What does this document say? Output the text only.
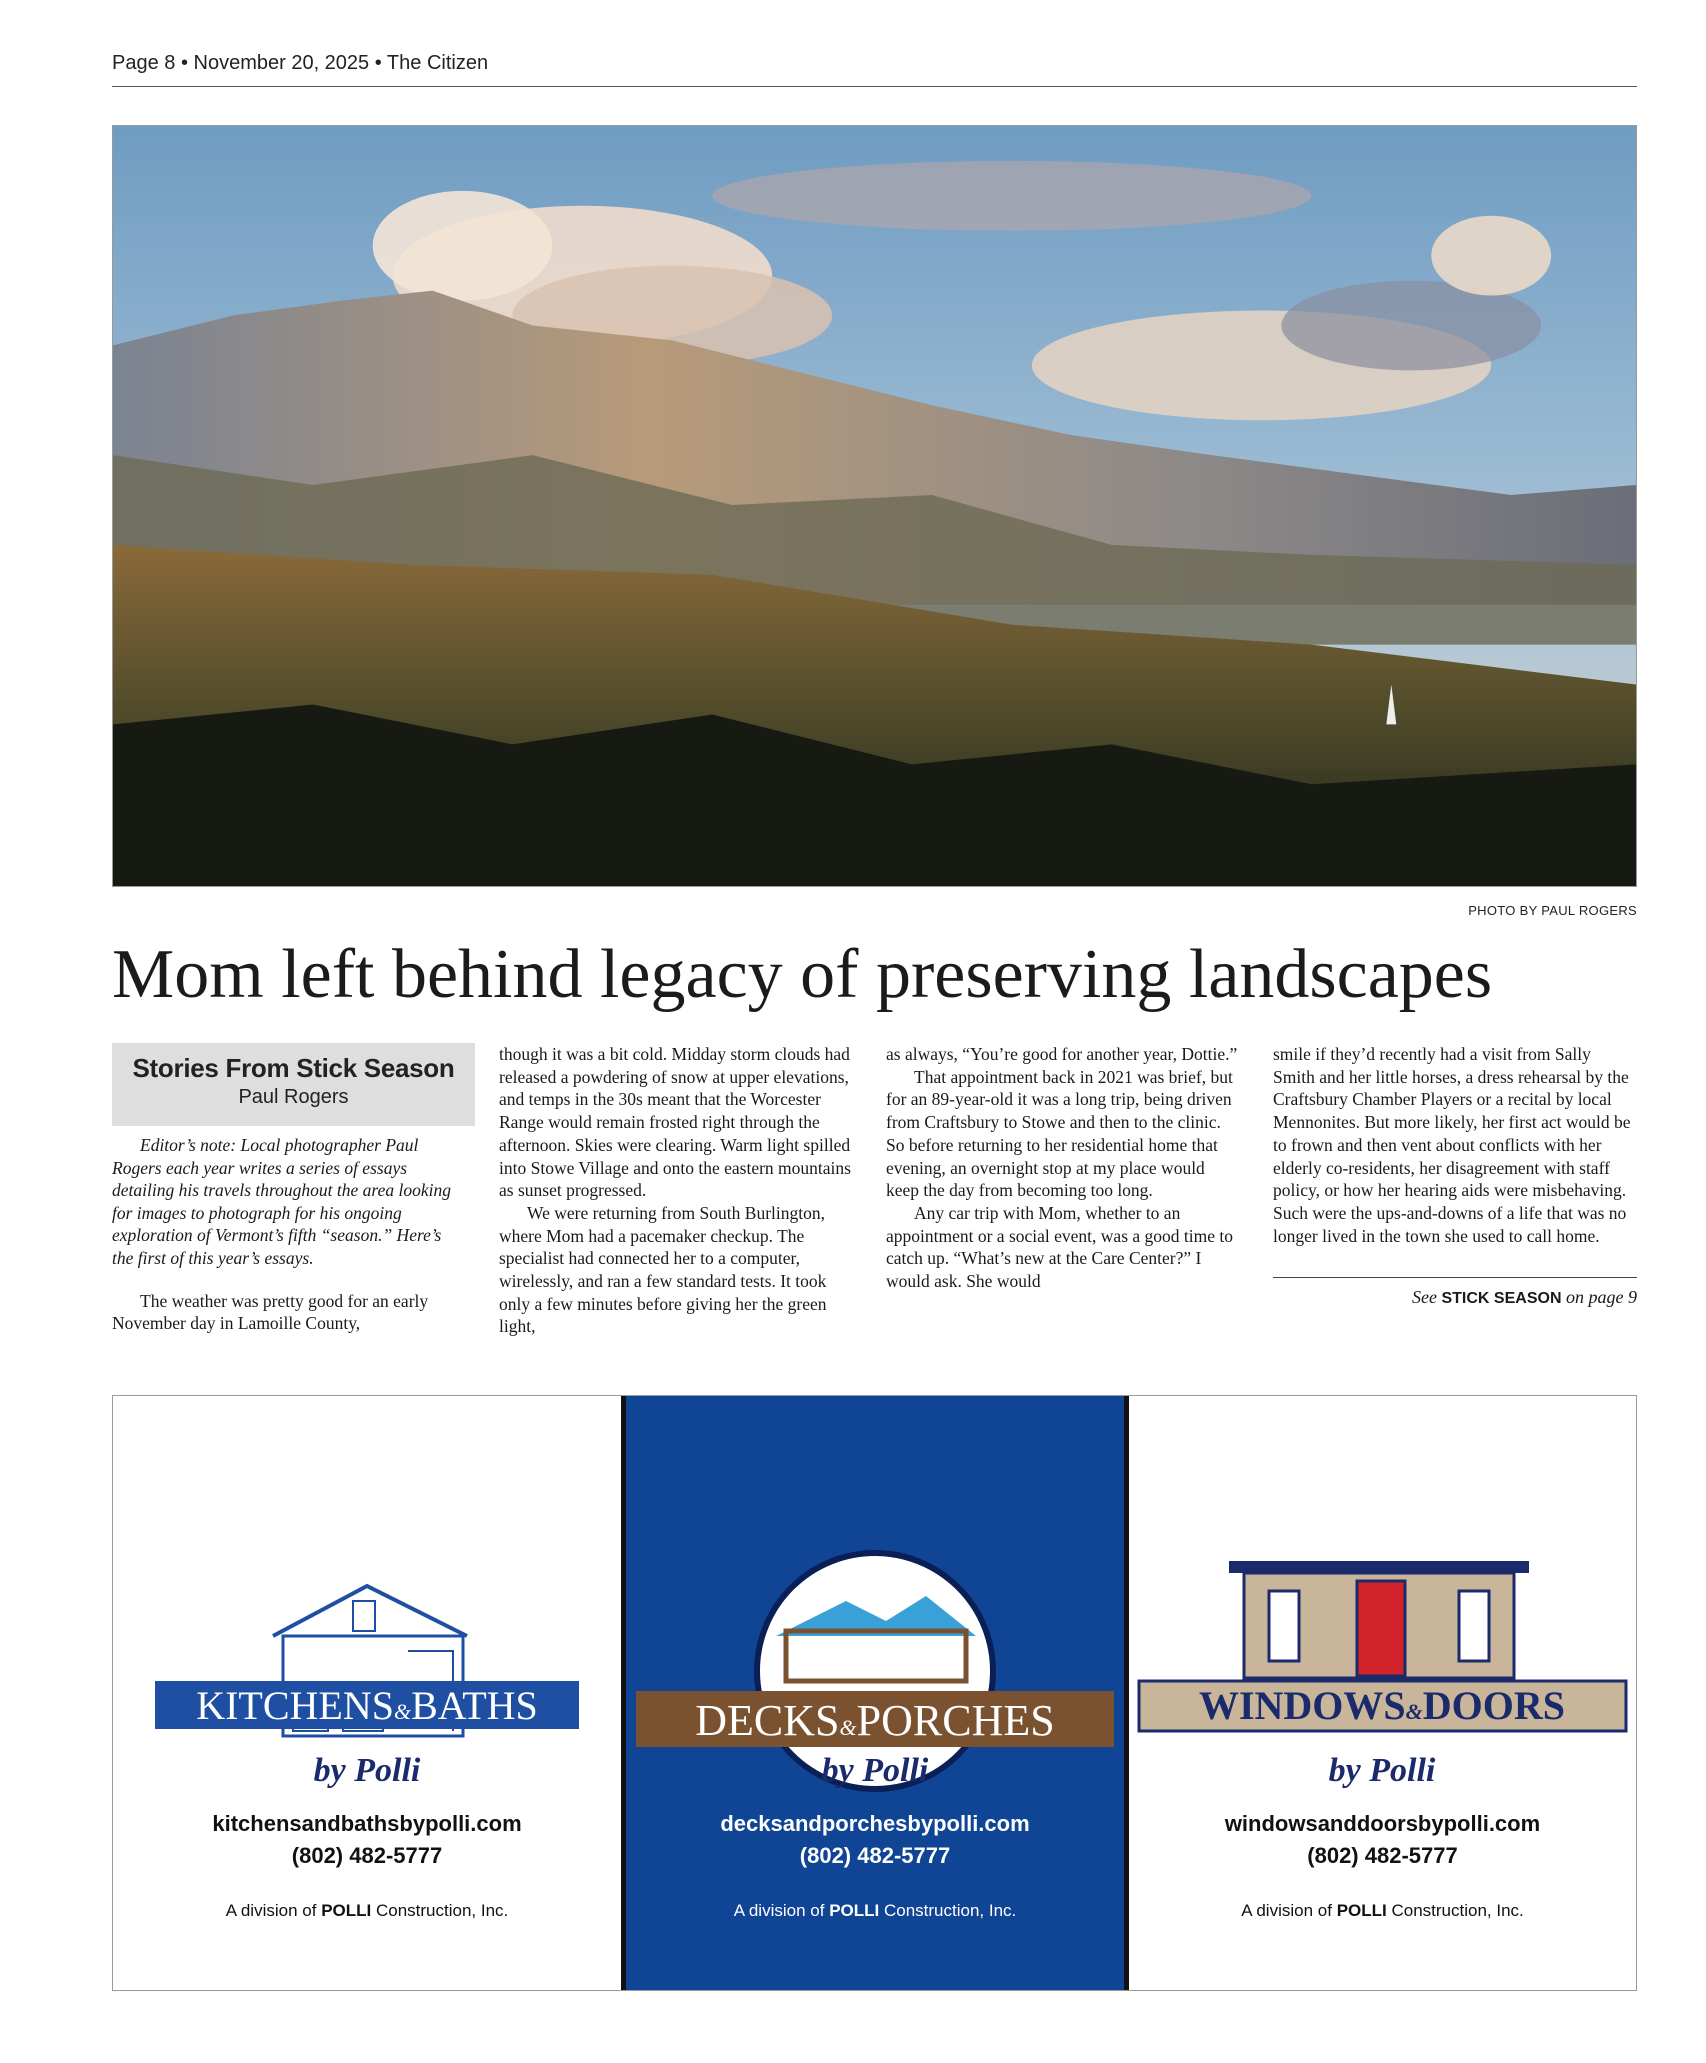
Page 8 • November 20, 2025 • The Citizen
PHOTO BY PAUL ROGERS
Mom left behind legacy of preserving landscapes
Stories From Stick Season
Paul Rogers

Editor’s note: Local photographer Paul Rogers each year writes a series of essays detailing his travels throughout the area looking for images to photograph for his ongoing exploration of Vermont’s fifth “season.” Here’s the first of this year’s essays.

The weather was pretty good for an early November day in Lamoille County,

though it was a bit cold. Midday storm clouds had released a powdering of snow at upper elevations, and temps in the 30s meant that the Worcester Range would remain frosted right through the afternoon. Skies were clearing. Warm light spilled into Stowe Village and onto the eastern mountains as sunset progressed.

We were returning from South Burlington, where Mom had a pacemaker checkup. The specialist had connected her to a computer, wirelessly, and ran a few standard tests. It took only a few minutes before giving her the green light,

as always, “You’re good for another year, Dottie.”

That appointment back in 2021 was brief, but for an 89-year-old it was a long trip, being driven from Craftsbury to Stowe and then to the clinic. So before returning to her residential home that evening, an overnight stop at my place would keep the day from becoming too long.

Any car trip with Mom, whether to an appointment or a social event, was a good time to catch up. “What’s new at the Care Center?” I would ask. She would

smile if they’d recently had a visit from Sally Smith and her little horses, a dress rehearsal by the Craftsbury Chamber Players or a recital by local Mennonites. But more likely, her first act would be to frown and then vent about conflicts with her elderly co-residents, her disagreement with staff policy, or how her hearing aids were misbehaving. Such were the ups-and-downs of a life that was no longer lived in the town she used to call home.

See STICK SEASON on page 9
KITCHENS&BATHS
by Polli
kitchensandbathsbypolli.com
(802) 482-5777
A division of POLLI Construction, Inc.
DECKS&PORCHES
by Polli
decksandporchesbypolli.com
(802) 482-5777
A division of POLLI Construction, Inc.
WINDOWS&DOORS
by Polli
windowsanddoorsbypolli.com
(802) 482-5777
A division of POLLI Construction, Inc.
